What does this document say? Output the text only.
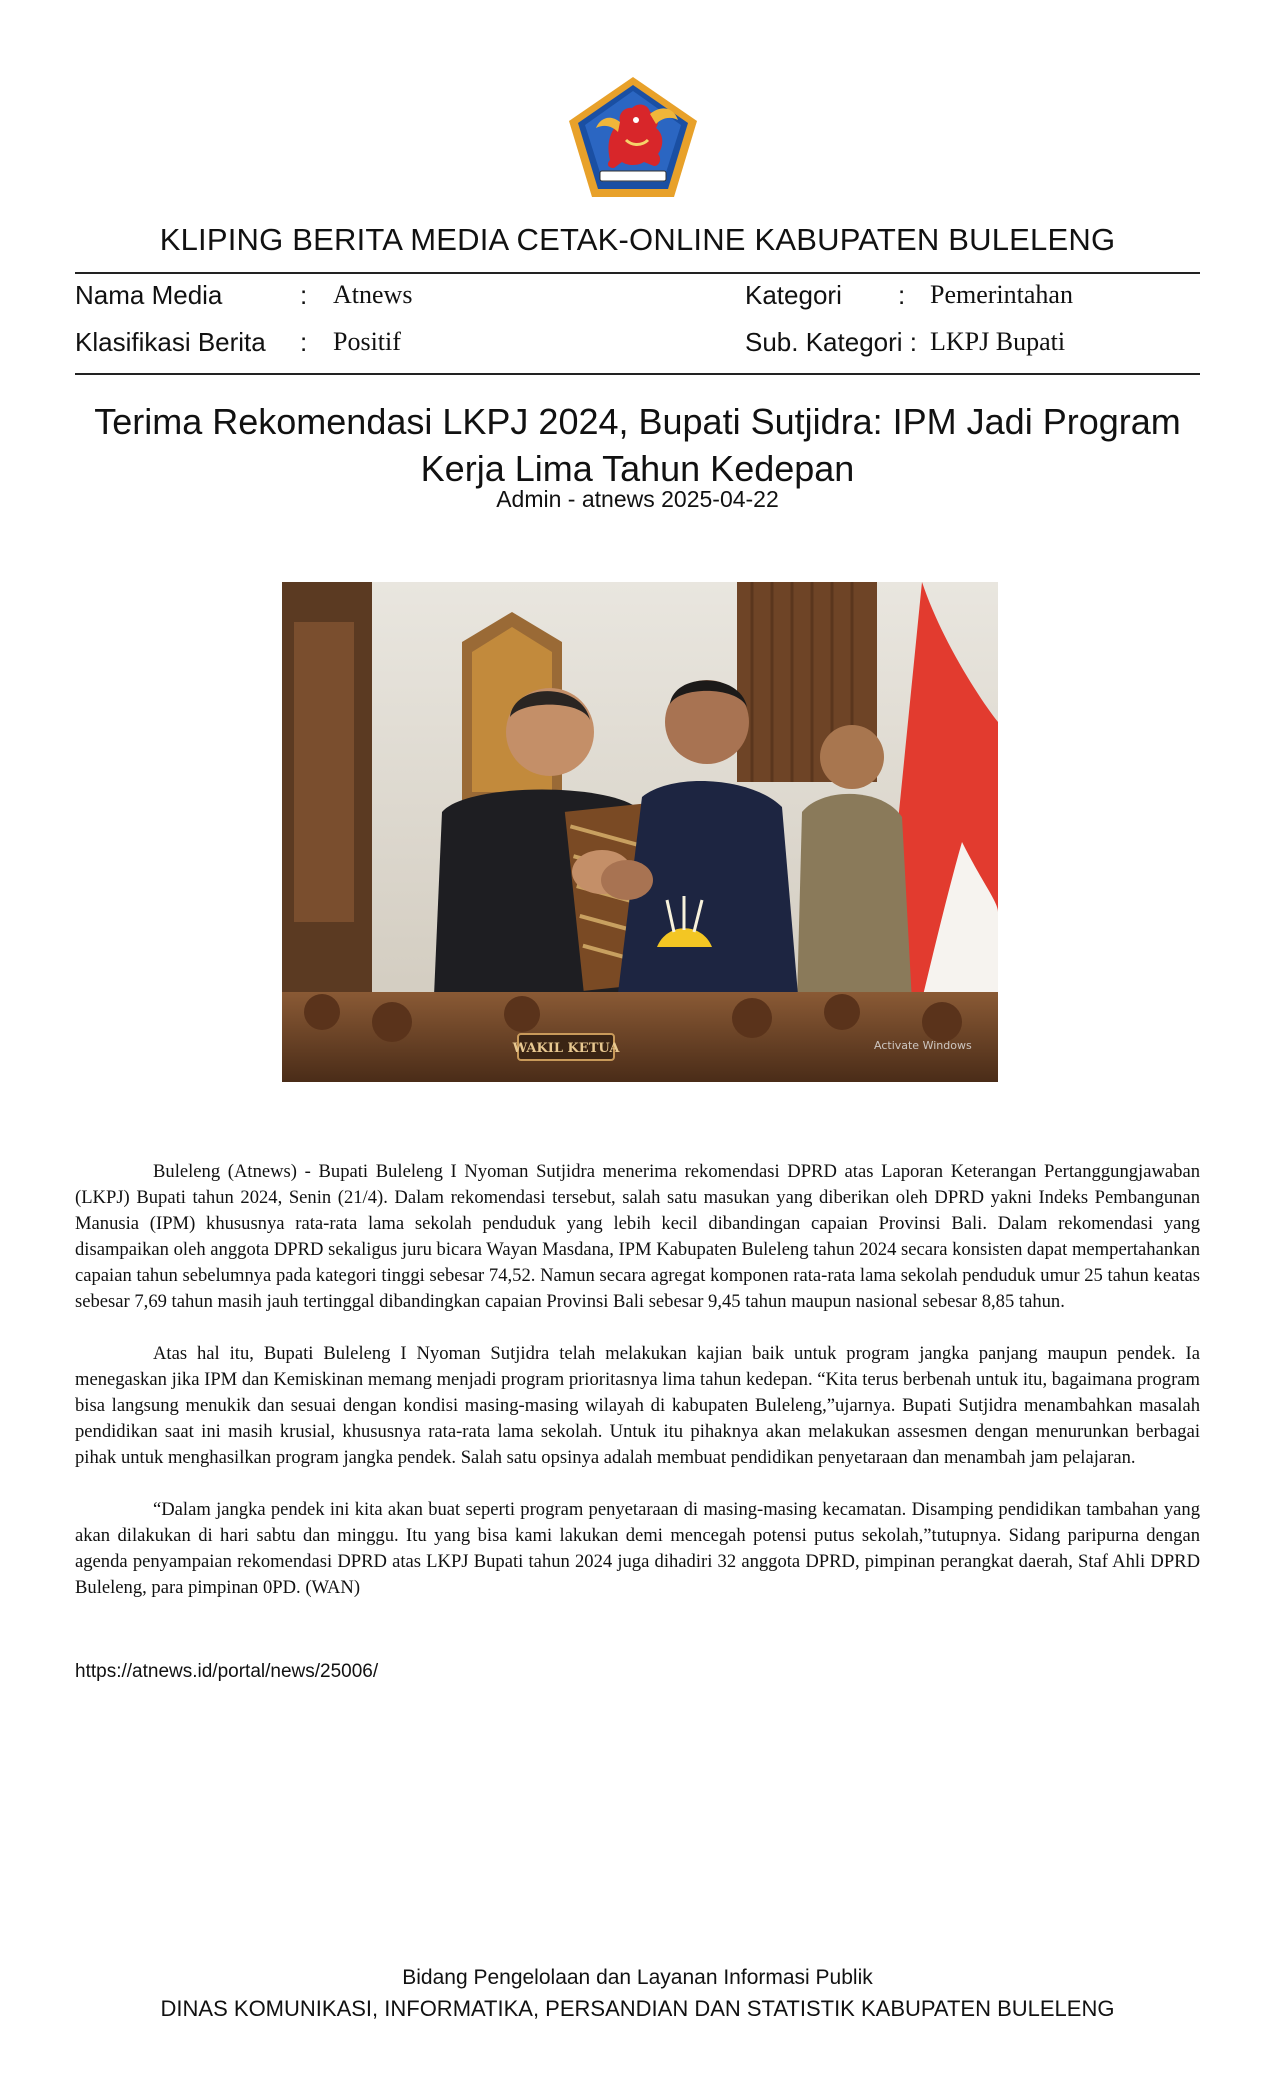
KLIPING BERITA MEDIA CETAK-ONLINE KABUPATEN BULELENG
Nama Media	: Atnews
Klasifikasi Berita : Positif
Kategori : Pemerintahan
Sub. Kategori : LKPJ Bupati
Terima Rekomendasi LKPJ 2024, Bupati Sutjidra: IPM Jadi Program Kerja Lima Tahun Kedepan
Admin - atnews 2025-04-22
WAKIL KETUA	Activate Windows

Buleleng (Atnews) - Bupati Buleleng I Nyoman Sutjidra menerima rekomendasi DPRD atas Laporan Keterangan Pertanggungjawaban (LKPJ) Bupati tahun 2024, Senin (21/4). Dalam rekomendasi tersebut, salah satu masukan yang diberikan oleh DPRD yakni Indeks Pembangunan Manusia (IPM) khususnya rata-rata lama sekolah penduduk yang lebih kecil dibandingan capaian Provinsi Bali. Dalam rekomendasi yang disampaikan oleh anggota DPRD sekaligus juru bicara Wayan Masdana, IPM Kabupaten Buleleng tahun 2024 secara konsisten dapat mempertahankan capaian tahun sebelumnya pada kategori tinggi sebesar 74,52. Namun secara agregat komponen rata-rata lama sekolah penduduk umur 25 tahun keatas sebesar 7,69 tahun masih jauh tertinggal dibandingkan capaian Provinsi Bali sebesar 9,45 tahun maupun nasional sebesar 8,85 tahun.

Atas hal itu, Bupati Buleleng I Nyoman Sutjidra telah melakukan kajian baik untuk program jangka panjang maupun pendek. Ia menegaskan jika IPM dan Kemiskinan memang menjadi program prioritasnya lima tahun kedepan. “Kita terus berbenah untuk itu, bagaimana program bisa langsung menukik dan sesuai dengan kondisi masing-masing wilayah di kabupaten Buleleng,”ujarnya. Bupati Sutjidra menambahkan masalah pendidikan saat ini masih krusial, khususnya rata-rata lama sekolah. Untuk itu pihaknya akan melakukan assesmen dengan menurunkan berbagai pihak untuk menghasilkan program jangka pendek. Salah satu opsinya adalah membuat pendidikan penyetaraan dan menambah jam pelajaran.

“Dalam jangka pendek ini kita akan buat seperti program penyetaraan di masing-masing kecamatan. Disamping pendidikan tambahan yang akan dilakukan di hari sabtu dan minggu. Itu yang bisa kami lakukan demi mencegah potensi putus sekolah,”tutupnya. Sidang paripurna dengan agenda penyampaian rekomendasi DPRD atas LKPJ Bupati tahun 2024 juga dihadiri 32 anggota DPRD, pimpinan perangkat daerah, Staf Ahli DPRD Buleleng, para pimpinan 0PD. (WAN)

https://atnews.id/portal/news/25006/
Bidang Pengelolaan dan Layanan Informasi Publik
DINAS KOMUNIKASI, INFORMATIKA, PERSANDIAN DAN STATISTIK KABUPATEN BULELENG
